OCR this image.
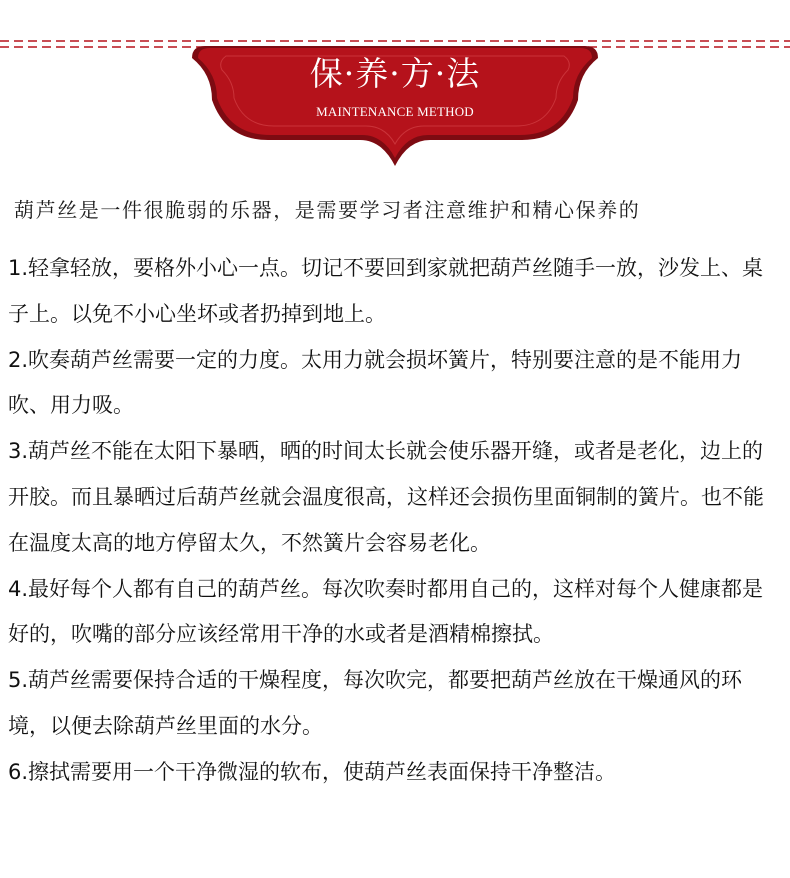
保·养·方·法
MAINTENANCE METHOD
葫芦丝是一件很脆弱的乐器，是需要学习者注意维护和精心保养的

1.轻拿轻放，要格外小心一点。切记不要回到家就把葫芦丝随手一放，沙发上、桌子上。以免不小心坐坏或者扔掉到地上。

2.吹奏葫芦丝需要一定的力度。太用力就会损坏簧片，特别要注意的是不能用力吹、用力吸。

3.葫芦丝不能在太阳下暴晒，晒的时间太长就会使乐器开缝，或者是老化，边上的开胶。而且暴晒过后葫芦丝就会温度很高，这样还会损伤里面铜制的簧片。也不能在温度太高的地方停留太久，不然簧片会容易老化。

4.最好每个人都有自己的葫芦丝。每次吹奏时都用自己的，这样对每个人健康都是好的，吹嘴的部分应该经常用干净的水或者是酒精棉擦拭。

5.葫芦丝需要保持合适的干燥程度，每次吹完，都要把葫芦丝放在干燥通风的环境，以便去除葫芦丝里面的水分。

6.擦拭需要用一个干净微湿的软布，使葫芦丝表面保持干净整洁。
